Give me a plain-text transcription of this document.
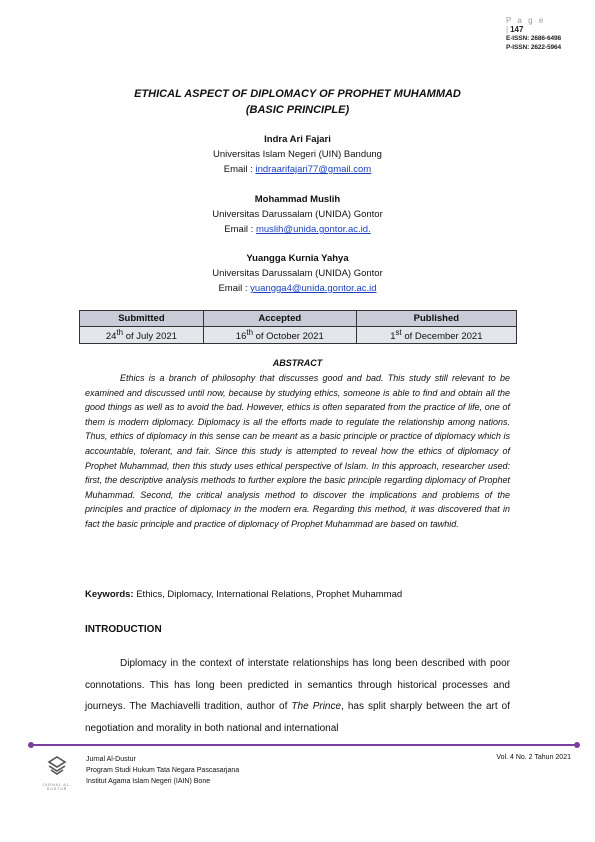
P a g e |147
E-ISSN: 2686-6498
P-ISSN: 2622-5964
ETHICAL ASPECT OF DIPLOMACY OF PROPHET MUHAMMAD
(BASIC PRINCIPLE)
Indra Ari Fajari
Universitas Islam Negeri (UIN) Bandung
Email : indraarifajari77@gmail.com
Mohammad Muslih
Universitas Darussalam (UNIDA) Gontor
Email : muslih@unida.gontor.ac.id.
Yuangga Kurnia Yahya
Universitas Darussalam (UNIDA) Gontor
Email : yuangga4@unida.gontor.ac.id
Submitted	Accepted	Published
24th of July 2021	16th of October 2021	1st of December 2021
ABSTRACT

Ethics is a branch of philosophy that discusses good and bad. This study still relevant to be examined and discussed until now, because by studying ethics, someone is able to find and obtain all the good things as well as to avoid the bad. However, ethics is often separated from the practice of life, one of them is modern diplomacy. Diplomacy is all the efforts made to regulate the relationship among nations. Thus, ethics of diplomacy in this sense can be meant as a basic principle or practice of diplomacy which is accountable, tolerant, and fair. Since this study is attempted to reveal how the ethics of diplomacy of Prophet Muhammad, then this study uses ethical perspective of Islam. In this approach, researcher used: first, the descriptive analysis methods to further explore the basic principle regarding diplomacy of Prophet Muhammad. Second, the critical analysis method to discover the implications and problems of the principles and practice of diplomacy in the modern era. Regarding this method, it was discovered that in fact the basic principle and practice of diplomacy of Prophet Muhammad are based on tawhid.

Keywords: Ethics, Diplomacy, International Relations, Prophet Muhammad
INTRODUCTION

Diplomacy in the context of interstate relationships has long been described with poor connotations. This has long been predicted in semantics through historical processes and journeys. The Machiavelli tradition, author of The Prince, has split sharply between the art of negotiation and morality in both national and international

JURNAL AL-DUSTUR
Jurnal Al-Dustur
Program Studi Hukum Tata Negara Pascasarjana
Institut Agama Islam Negeri (IAIN) Bone
Vol. 4 No. 2 Tahun 2021
